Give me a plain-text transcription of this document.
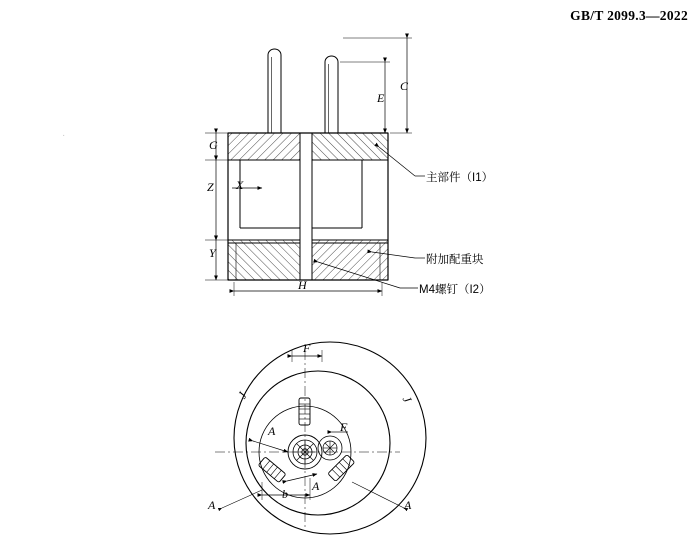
GB/T 2099.3—2022
·
C
E
G
X
Z
Y
H
J	J
F
F
A
A
A	A
b
主部件（I1）
附加配重块
M4螺钉（I2）
